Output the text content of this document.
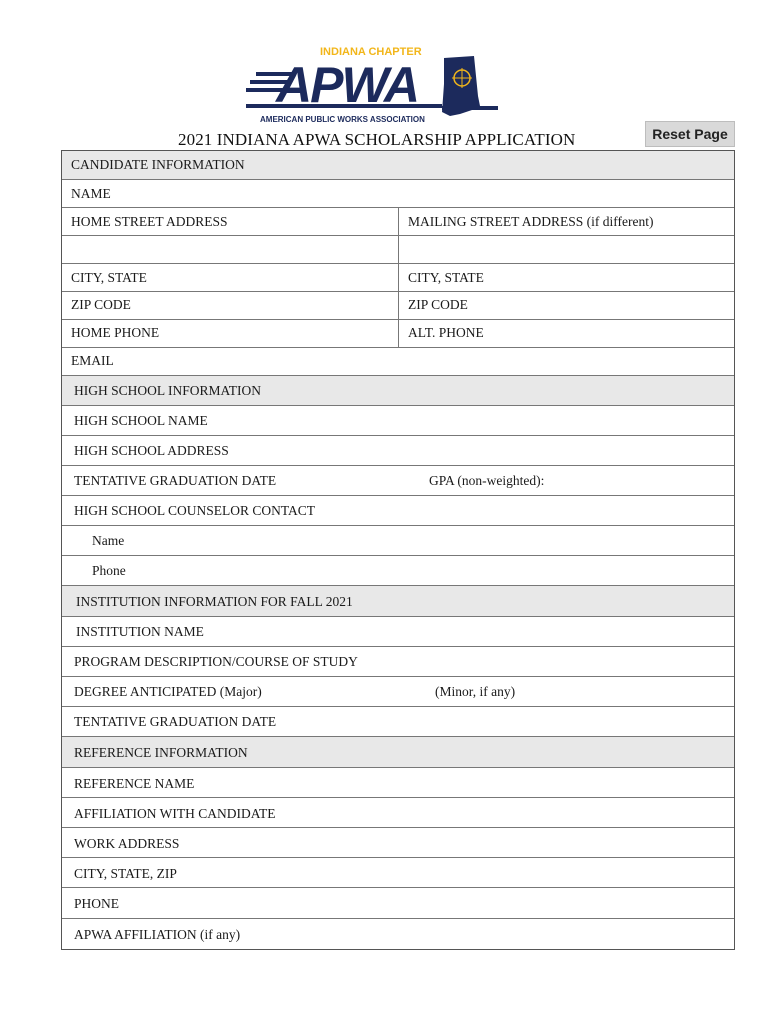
INDIANA CHAPTER
APWA
AMERICAN PUBLIC WORKS ASSOCIATION
2021 INDIANA APWA SCHOLARSHIP APPLICATION	Reset Page
CANDIDATE INFORMATION
NAME
HOME STREET ADDRESS	MAILING STREET ADDRESS (if different)
CITY, STATE	CITY, STATE
ZIP CODE	ZIP CODE
HOME PHONE	ALT. PHONE
EMAIL
HIGH SCHOOL INFORMATION
HIGH SCHOOL NAME
HIGH SCHOOL ADDRESS
TENTATIVE GRADUATION DATE	GPA (non-weighted):
HIGH SCHOOL COUNSELOR CONTACT
Name
Phone
INSTITUTION INFORMATION FOR FALL 2021
INSTITUTION NAME
PROGRAM DESCRIPTION/COURSE OF STUDY
DEGREE ANTICIPATED (Major)	(Minor, if any)
TENTATIVE GRADUATION DATE
REFERENCE INFORMATION
REFERENCE NAME
AFFILIATION WITH CANDIDATE
WORK ADDRESS
CITY, STATE, ZIP
PHONE
APWA AFFILIATION (if any)
